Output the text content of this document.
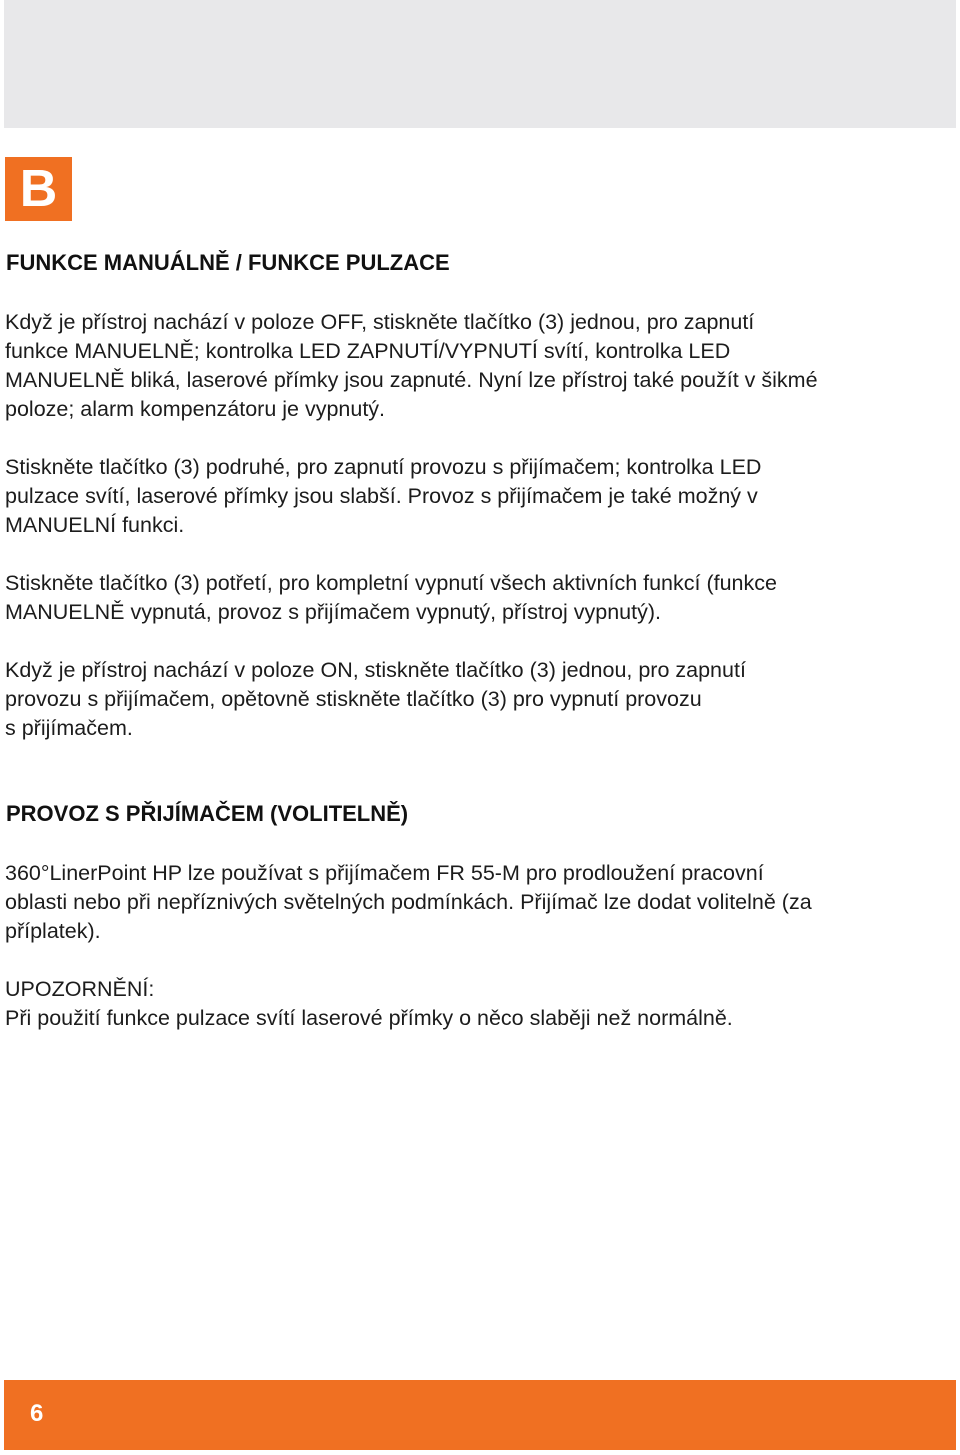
B
FUNKCE MANUÁLNĚ / FUNKCE PULZACE

Když je přístroj nachází v poloze OFF, stiskněte tlačítko (3) jednou, pro zapnutí
funkce MANUELNĚ; kontrolka LED ZAPNUTÍ/VYPNUTÍ svítí, kontrolka LED
MANUELNĚ bliká, laserové přímky jsou zapnuté. Nyní lze přístroj také použít v šikmé
poloze; alarm kompenzátoru je vypnutý.

Stiskněte tlačítko (3) podruhé, pro zapnutí provozu s přijímačem; kontrolka LED
pulzace svítí, laserové přímky jsou slabší. Provoz s přijímačem je také možný v
MANUELNÍ funkci.

Stiskněte tlačítko (3) potřetí, pro kompletní vypnutí všech aktivních funkcí (funkce
MANUELNĚ vypnutá, provoz s přijímačem vypnutý, přístroj vypnutý).

Když je přístroj nachází v poloze ON, stiskněte tlačítko (3) jednou, pro zapnutí
provozu s přijímačem, opětovně stiskněte tlačítko (3) pro vypnutí provozu
s přijímačem.

PROVOZ S PŘIJÍMAČEM (VOLITELNĚ)

360°LinerPoint HP lze používat s přijímačem FR 55-M pro prodloužení pracovní
oblasti nebo při nepříznivých světelných podmínkách. Přijímač lze dodat volitelně (za
příplatek).

UPOZORNĚNÍ:
Při použití funkce pulzace svítí laserové přímky o něco slaběji než normálně.

6
